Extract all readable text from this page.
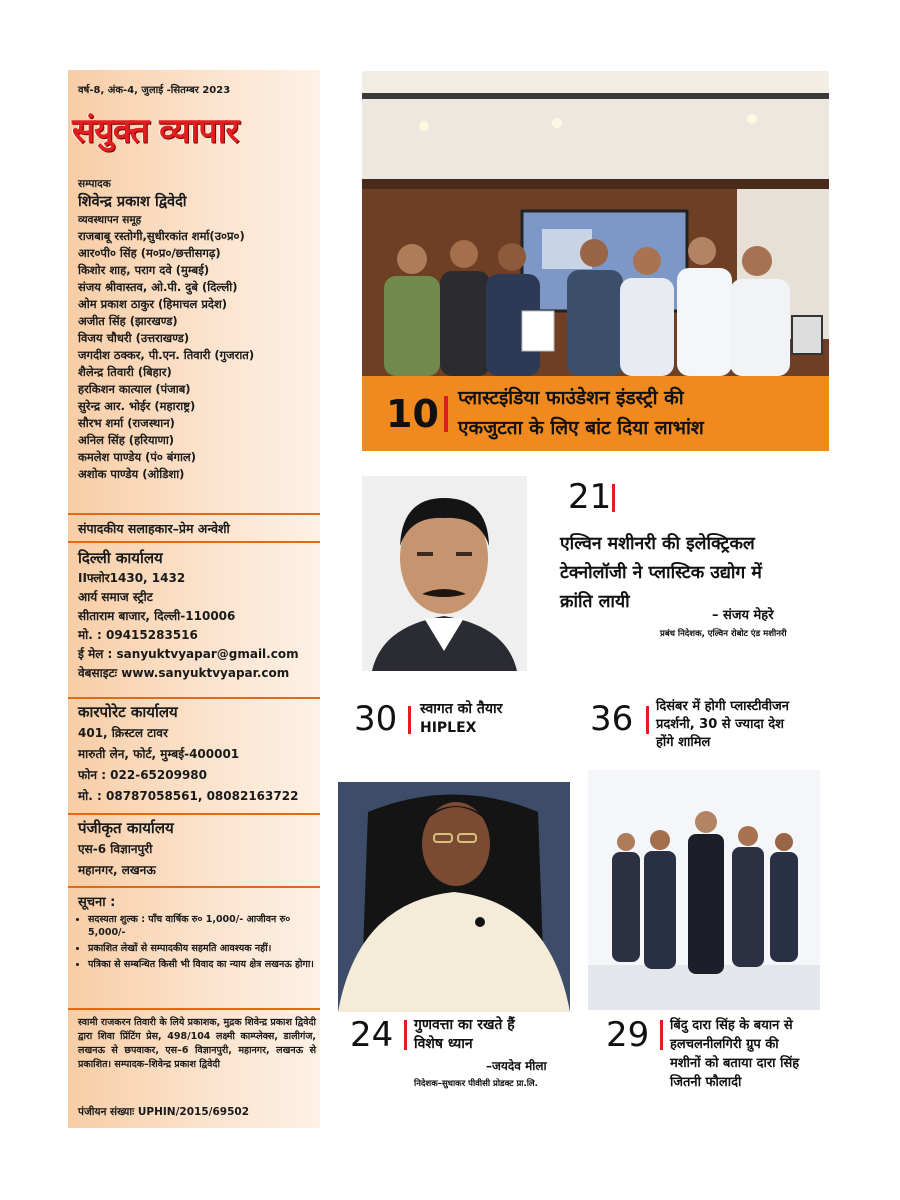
वर्ष-8, अंक-4, जुलाई -सितम्बर 2023
संयुक्त व्यापार
सम्पादक
शिवेन्द्र प्रकाश द्विवेदी
व्यवस्थापन समूह
राजबाबू रस्तोगी,सुधीरकांत शर्मा(उ०प्र०)
आर०पी० सिंह (म०प्र०/छत्तीसगढ़)
किशोर शाह, पराग दवे (मुम्बई)
संजय श्रीवास्तव, ओ.पी. दुबे (दिल्ली)
ओम प्रकाश ठाकुर (हिमाचल प्रदेश)
अजीत सिंह (झारखण्ड)
विजय चौधरी (उत्तराखण्ड)
जगदीश ठक्कर, पी.एन. तिवारी (गुजरात)
शैलेन्द्र तिवारी (बिहार)
हरकिशन कात्याल (पंजाब)
सुरेन्द्र आर. भोईर (महाराष्ट्र)
सौरभ शर्मा (राजस्थान)
अनिल सिंह (हरियाणा)
कमलेश पाण्डेय (पं० बंगाल)
अशोक पाण्डेय (ओडिशा)
संपादकीय सलाहकार–प्रेम अन्वेशी
दिल्ली कार्यालय
IIफ्लोर1430, 1432
आर्य समाज स्ट्रीट
सीताराम बाजार, दिल्ली-110006
मो. : 09415283516
ई मेल : sanyuktvyapar@gmail.com
वेबसाइटः www.sanyuktvyapar.com
कारपोरेट कार्यालय
401, क्रिस्टल टावर
मारुती लेन, फोर्ट, मुम्बई-400001
फोन : 022-65209980
मो. : 08787058561, 08082163722
पंजीकृत कार्यालय
एस-6 विज्ञानपुरी
महानगर, लखनऊ
सूचना :
• सदस्यता शुल्क : पाँच वार्षिक रु० 1,000/- आजीवन रु० 5,000/-
• प्रकाशित लेखों से सम्पादकीय सहमति आवश्यक नहीं।
• पत्रिका से सम्बन्धित किसी भी विवाद का न्याय क्षेत्र लखनऊ होगा।
स्वामी राजकरन तिवारी के लिये प्रकाशक, मुद्रक शिवेन्द्र प्रकाश द्विवेदी द्वारा शिवा प्रिंटिंग प्रेस, 498/104 लक्ष्मी काम्प्लेक्स, डालीगंज, लखनऊ से छपवाकर, एस–6 विज्ञानपुरी, महानगर, लखनऊ से प्रकाशित। सम्पादक–शिवेन्द्र प्रकाश द्विवेदी
पंजीयन संख्याः UPHIN/2015/69502
10 प्लास्टइंडिया फाउंडेशन इंडस्ट्री की
एकजुटता के लिए बांट दिया लाभांश
21
एल्विन मशीनरी की इलेक्ट्रिकल
टेक्नोलॉजी ने प्लास्टिक उद्योग में
क्रांति लायी
– संजय मेहरे
प्रबंध निदेशक, एल्विन रोबोट एंड मशीनरी
30 स्वागत को तैयार
HIPLEX	36 दिसंबर में होगी प्लास्टीवीजन
प्रदर्शनी, 30 से ज्यादा देश
होंगे शामिल
24 गुणवत्ता का रखते हैं
विशेष ध्यान
–जयदेव मीला
निदेशक–सुधाकर पीवीसी प्रोडक्ट प्रा.लि.
29 बिंदु दारा सिंह के बयान से
हलचलनीलगिरी ग्रुप की
मशीनों को बताया दारा सिंह
जितनी फौलादी
